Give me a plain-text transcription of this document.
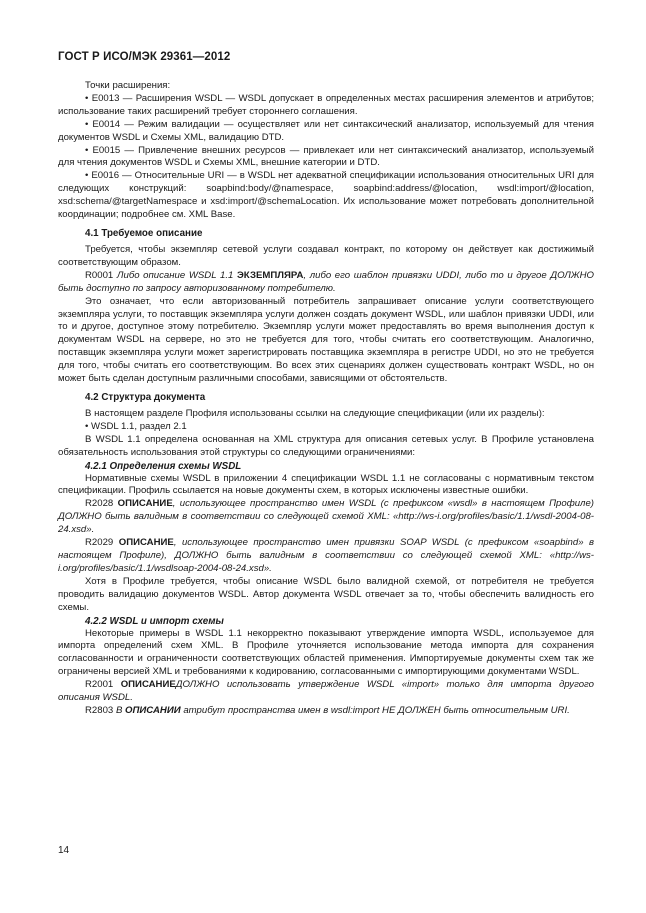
ГОСТ Р ИСО/МЭК 29361—2012

Точки расширения:

• E0013 — Расширения WSDL — WSDL допускает в определенных местах расширения элементов и атрибутов; использование таких расширений требует стороннего соглашения.

• E0014 — Режим валидации — осуществляет или нет синтаксический анализатор, используемый для чтения документов WSDL и Схемы XML, валидацию DTD.

• E0015 — Привлечение внешних ресурсов — привлекает или нет синтаксический анализатор, используемый для чтения документов WSDL и Схемы XML, внешние категории и DTD.

• E0016 — Относительные URI — в WSDL нет адекватной спецификации использования относительных URI для следующих конструкций: soapbind:body/@namespace, soapbind:address/@location, wsdl:import/@location, xsd:schema/@targetNamespace и xsd:import/@schemaLocation. Их использование может потребовать дополнительной координации; подробнее см. XML Base.

4.1 Требуемое описание

Требуется, чтобы экземпляр сетевой услуги создавал контракт, по которому он действует как достижимый соответствующим образом.

R0001 Либо описание WSDL 1.1 ЭКЗЕМПЛЯРА, либо его шаблон привязки UDDI, либо то и другое ДОЛЖНО быть доступно по запросу авторизованному потребителю.

Это означает, что если авторизованный потребитель запрашивает описание услуги соответствующего экземпляра услуги, то поставщик экземпляра услуги должен создать документ WSDL, или шаблон привязки UDDI, или то и другое, доступное этому потребителю. Экземпляр услуги может предоставлять во время выполнения доступ к документам WSDL на сервере, но это не требуется для того, чтобы считать его соответствующим. Аналогично, поставщик экземпляра услуги может зарегистрировать поставщика экземпляра в регистре UDDI, но это не требуется для того, чтобы считать его соответствующим. Во всех этих сценариях должен существовать контракт WSDL, но он может быть сделан доступным различными способами, зависящими от обстоятельств.

4.2 Структура документа

В настоящем разделе Профиля использованы ссылки на следующие спецификации (или их разделы):

• WSDL 1.1, раздел 2.1

В WSDL 1.1 определена основанная на XML структура для описания сетевых услуг. В Профиле установлена обязательность использования этой структуры со следующими ограничениями:

4.2.1 Определения схемы WSDL

Нормативные схемы WSDL в приложении 4 спецификации WSDL 1.1 не согласованы с нормативным текстом спецификации. Профиль ссылается на новые документы схем, в которых исключены известные ошибки.

R2028 ОПИСАНИЕ, использующее пространство имен WSDL (с префиксом «wsdl» в настоящем Профиле) ДОЛЖНО быть валидным в соответствии со следующей схемой XML: «http://ws-i.org/profiles/basic/1.1/wsdl-2004-08-24.xsd».

R2029 ОПИСАНИЕ, использующее пространство имен привязки SOAP WSDL (с префиксом «soapbind» в настоящем Профиле), ДОЛЖНО быть валидным в соответствии со следующей схемой XML: «http://ws-i.org/profiles/basic/1.1/wsdlsoap-2004-08-24.xsd».

Хотя в Профиле требуется, чтобы описание WSDL было валидной схемой, от потребителя не требуется проводить валидацию документов WSDL. Автор документа WSDL отвечает за то, чтобы обеспечить валидность его схемы.

4.2.2 WSDL и импорт схемы

Некоторые примеры в WSDL 1.1 некорректно показывают утверждение импорта WSDL, используемое для импорта определений схем XML. В Профиле уточняется использование метода импорта для сохранения согласованности и ограниченности соответствующих областей применения. Импортируемые документы схем так же ограничены версией XML и требованиями к кодированию, согласованными с импортирующими документами WSDL.

R2001 ОПИСАНИЕДОЛЖНО использовать утверждение WSDL «import» только для импорта другого описания WSDL.

R2803 В ОПИСАНИИ атрибут пространства имен в wsdl:import НЕ ДОЛЖЕН быть относительным URI.

14
